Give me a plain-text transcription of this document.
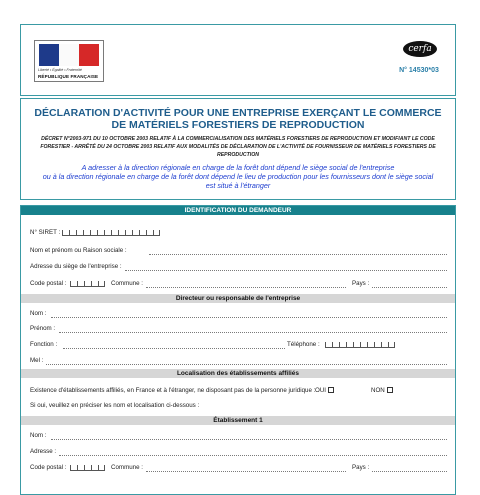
Liberté • Égalité • Fraternité
RÉPUBLIQUE FRANÇAISE
cerfa
N° 14530*03
DÉCLARATION D'ACTIVITÉ POUR UNE ENTREPRISE EXERÇANT LE COMMERCE DE MATÉRIELS FORESTIERS DE REPRODUCTION
DÉCRET N°2003-971 DU 10 OCTOBRE 2003 RELATIF À LA COMMERCIALISATION DES MATÉRIELS FORESTIERS DE REPRODUCTION ET MODIFIANT LE CODE FORESTIER - ARRÊTÉ DU 24 OCTOBRE 2003 RELATIF AUX MODALITÉS DE DÉCLARATION DE L'ACTIVITÉ DE FOURNISSEUR DE MATÉRIELS FORESTIERS DE REPRODUCTION
A adresser à la direction régionale en charge de la forêt dont dépend le siège social de l'entreprise
ou à la direction régionale en charge de la forêt dont dépend le lieu de production pour les fournisseurs dont le siège social est situé à l'étranger
IDENTIFICATION DU DEMANDEUR
N° SIRET :
Nom et prénom ou Raison sociale :
Adresse du siège de l'entreprise :
Code postal :	Commune :	Pays :
Directeur ou responsable de l'entreprise
Nom :
Prénom :
Fonction :	Téléphone :
Mel :
Localisation des établissements affiliés
Existence d'établissements affiliés, en France et à l'étranger, ne disposant pas de la personne juridique : OUI	NON
Si oui, veuillez en préciser les nom et localisation ci-dessous :
Établissement 1
Nom :
Adresse :
Code postal :	Commune :	Pays :
